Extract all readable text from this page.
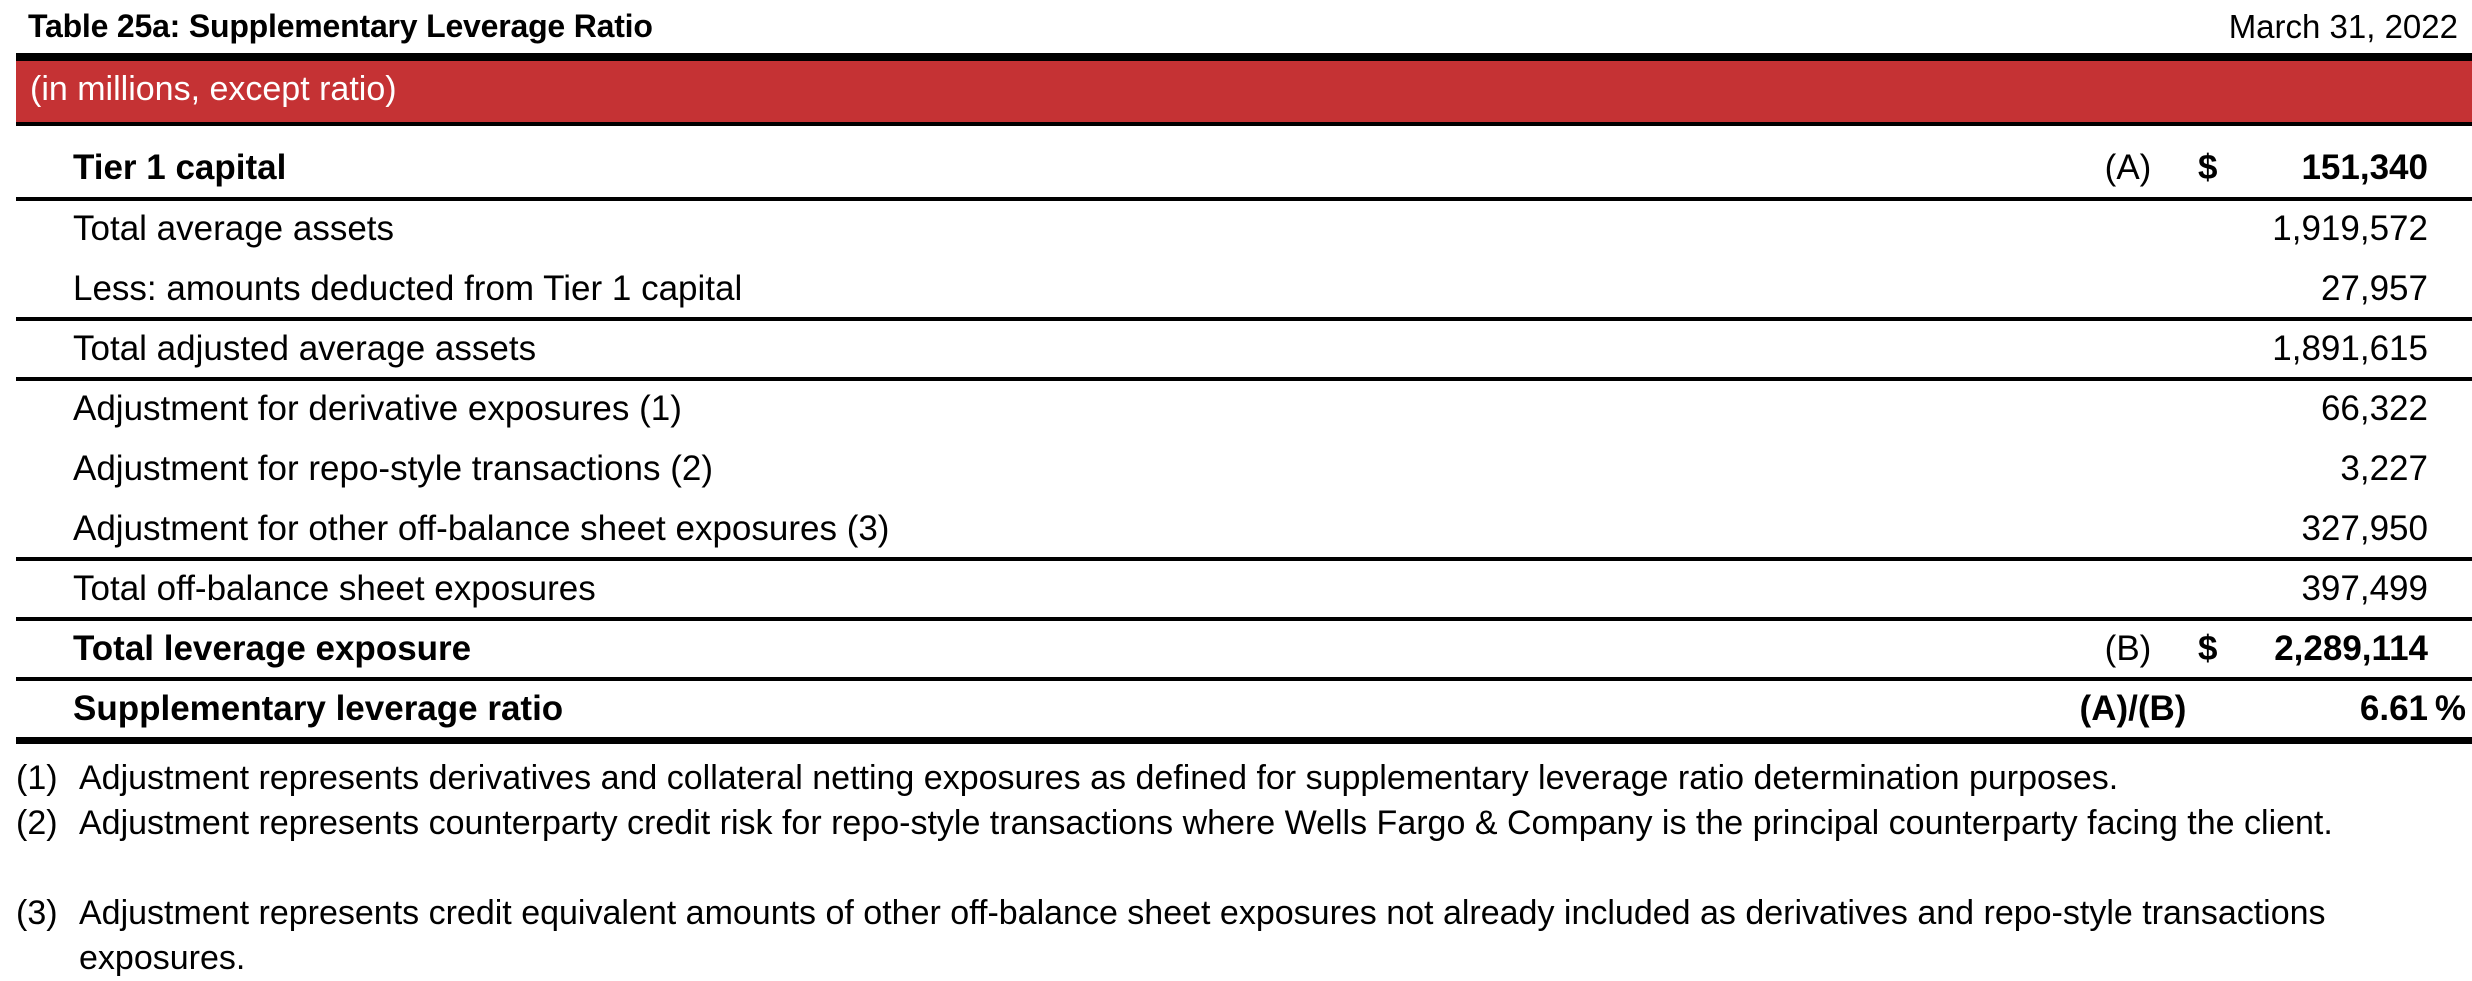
Table 25a: Supplementary Leverage Ratio	March 31, 2022
(in millions, except ratio)
Tier 1 capital	(A)	$ 151,340
Total average assets	1,919,572
Less: amounts deducted from Tier 1 capital	27,957
Total adjusted average assets	1,891,615
Adjustment for derivative exposures (1)	66,322
Adjustment for repo-style transactions (2)	3,227
Adjustment for other off-balance sheet exposures (3)	327,950
Total off-balance sheet exposures	397,499
Total leverage exposure	(B)	$ 2,289,114
Supplementary leverage ratio	(A)/(B)	6.61 %
(1) Adjustment represents derivatives and collateral netting exposures as defined for supplementary leverage ratio determination purposes.
(2) Adjustment represents counterparty credit risk for repo-style transactions where Wells Fargo & Company is the principal counterparty facing the client.
(3) Adjustment represents credit equivalent amounts of other off-balance sheet exposures not already included as derivatives and repo-style transactions exposures.
